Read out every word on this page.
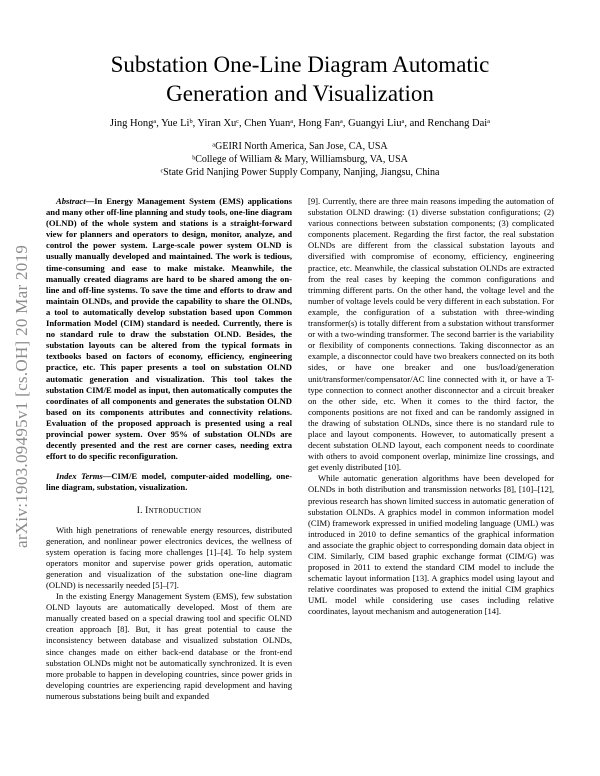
arXiv:1903.09495v1 [cs.OH] 20 Mar 2019
Substation One-Line Diagram Automatic Generation and Visualization
Jing Hongᵃ, Yue Liᵇ, Yiran Xuᶜ, Chen Yuanᵃ, Hong Fanᵃ, Guangyi Liuᵃ, and Renchang Daiᵃ
ᵃGEIRI North America, San Jose, CA, USA
ᵇCollege of William & Mary, Williamsburg, VA, USA
ᶜState Grid Nanjing Power Supply Company, Nanjing, Jiangsu, China

Abstract—In Energy Management System (EMS) applications and many other off-line planning and study tools, one-line diagram (OLND) of the whole system and stations is a straight-forward view for planners and operators to design, monitor, analyze, and control the power system. Large-scale power system OLND is usually manually developed and maintained. The work is tedious, time-consuming and ease to make mistake. Meanwhile, the manually created diagrams are hard to be shared among the on-line and off-line systems. To save the time and efforts to draw and maintain OLNDs, and provide the capability to share the OLNDs, a tool to automatically develop substation based upon Common Information Model (CIM) standard is needed. Currently, there is no standard rule to draw the substation OLND. Besides, the substation layouts can be altered from the typical formats in textbooks based on factors of economy, efficiency, engineering practice, etc. This paper presents a tool on substation OLND automatic generation and visualization. This tool takes the substation CIM/E model as input, then automatically computes the coordinates of all components and generates the substation OLND based on its components attributes and connectivity relations. Evaluation of the proposed approach is presented using a real provincial power system. Over 95% of substation OLNDs are decently presented and the rest are corner cases, needing extra effort to do specific reconfiguration.

Index Terms—CIM/E model, computer-aided modelling, one-line diagram, substation, visualization.

I. Introduction

With high penetrations of renewable energy resources, distributed generation, and nonlinear power electronics devices, the wellness of system operation is facing more challenges [1]–[4]. To help system operators monitor and supervise power grids operation, automatic generation and visualization of the substation one-line diagram (OLND) is necessarily needed [5]–[7].

In the existing Energy Management System (EMS), few substation OLND layouts are automatically developed. Most of them are manually created based on a special drawing tool and specific OLND creation approach [8]. But, it has great potential to cause the inconsistency between database and visualized substation OLNDs, since changes made on either back-end database or the front-end substation OLNDs might not be automatically synchronized. It is even more probable to happen in developing countries, since power grids in developing countries are experiencing rapid development and having numerous substations being built and expanded

[9]. Currently, there are three main reasons impeding the automation of substation OLND drawing: (1) diverse substation configurations; (2) various connections between substation components; (3) complicated components placement. Regarding the first factor, the real substation OLNDs are different from the classical substation layouts and diversified with compromise of economy, efficiency, engineering practice, etc. Meanwhile, the classical substation OLNDs are extracted from the real cases by keeping the common configurations and trimming different parts. On the other hand, the voltage level and the number of voltage levels could be very different in each substation. For example, the configuration of a substation with three-winding transformer(s) is totally different from a substation without transformer or with a two-winding transformer. The second barrier is the variability or flexibility of components connections. Taking disconnector as an example, a disconnector could have two breakers connected on its both sides, or have one breaker and one bus/load/generation unit/transformer/compensator/AC line connected with it, or have a T-type connection to connect another disconnector and a circuit breaker on the other side, etc. When it comes to the third factor, the components positions are not fixed and can be randomly assigned in the drawing of substation OLNDs, since there is no standard rule to place and layout components. However, to automatically present a decent substation OLND layout, each component needs to coordinate with others to avoid component overlap, minimize line crossings, and get evenly distributed [10].

While automatic generation algorithms have been developed for OLNDs in both distribution and transmission networks [8], [10]–[12], previous research has shown limited success in automatic generation of substation OLNDs. A graphics model in common information model (CIM) framework expressed in unified modeling language (UML) was introduced in 2010 to define semantics of the graphical information and associate the graphic object to corresponding domain data object in CIM. Similarly, CIM based graphic exchange format (CIM/G) was proposed in 2011 to extend the standard CIM model to include the schematic layout information [13]. A graphics model using layout and relative coordinates was proposed to extend the initial CIM graphics UML model while considering use cases including relative coordinates, layout mechanism and autogeneration [14].
